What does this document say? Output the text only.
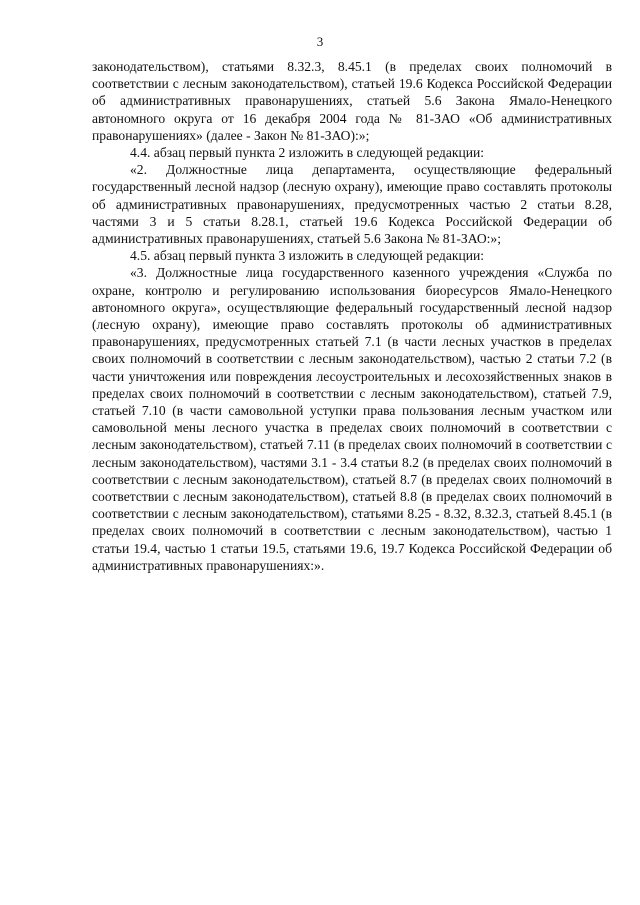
3

законодательством), статьями 8.32.3, 8.45.1 (в пределах своих полномочий в соответствии с лесным законодательством), статьей 19.6 Кодекса Российской Федерации об административных правонарушениях, статьей 5.6 Закона Ямало-Ненецкого автономного округа от 16 декабря 2004 года № 81-ЗАО «Об административных правонарушениях» (далее - Закон № 81-ЗАО):»;

4.4. абзац первый пункта 2 изложить в следующей редакции:

«2. Должностные лица департамента, осуществляющие федеральный государственный лесной надзор (лесную охрану), имеющие право составлять протоколы об административных правонарушениях, предусмотренных частью 2 статьи 8.28, частями 3 и 5 статьи 8.28.1, статьей 19.6 Кодекса Российской Федерации об административных правонарушениях, статьей 5.6 Закона № 81-ЗАО:»;

4.5. абзац первый пункта 3 изложить в следующей редакции:

«3. Должностные лица государственного казенного учреждения «Служба по охране, контролю и регулированию использования биоресурсов Ямало-Ненецкого автономного округа», осуществляющие федеральный государственный лесной надзор (лесную охрану), имеющие право составлять протоколы об административных правонарушениях, предусмотренных статьей 7.1 (в части лесных участков в пределах своих полномочий в соответствии с лесным законодательством), частью 2 статьи 7.2 (в части уничтожения или повреждения лесоустроительных и лесохозяйственных знаков в пределах своих полномочий в соответствии с лесным законодательством), статьей 7.9, статьей 7.10 (в части самовольной уступки права пользования лесным участком или самовольной мены лесного участка в пределах своих полномочий в соответствии с лесным законодательством), статьей 7.11 (в пределах своих полномочий в соответствии с лесным законодательством), частями 3.1 - 3.4 статьи 8.2 (в пределах своих полномочий в соответствии с лесным законодательством), статьей 8.7 (в пределах своих полномочий в соответствии с лесным законодательством), статьей 8.8 (в пределах своих полномочий в соответствии с лесным законодательством), статьями 8.25 - 8.32, 8.32.3, статьей 8.45.1 (в пределах своих полномочий в соответствии с лесным законодательством), частью 1 статьи 19.4, частью 1 статьи 19.5, статьями 19.6, 19.7 Кодекса Российской Федерации об административных правонарушениях:».
